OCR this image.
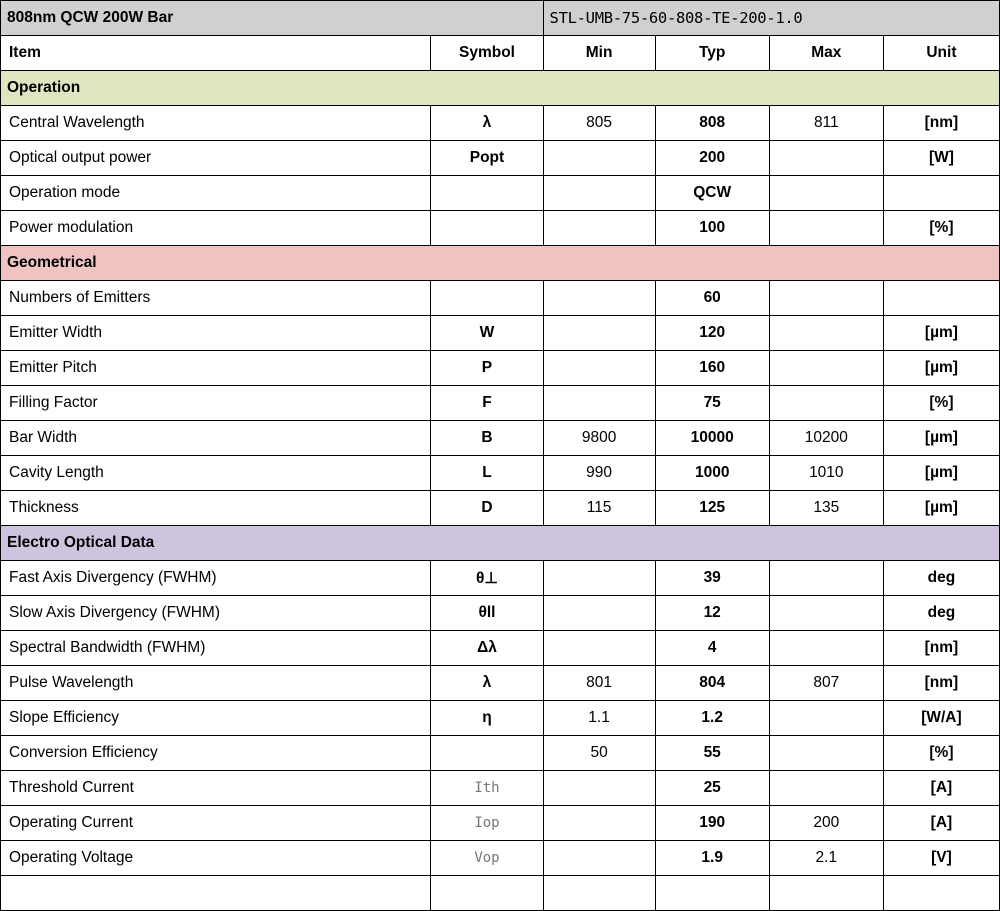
808nm QCW 200W Bar		STL-UMB-75-60-808-TE-200-1.0			
Item	Symbol	Min	Typ	Max	Unit
Operation					
Central Wavelength	λ	805	808	811	[nm]
Optical output power	Popt		200		[W]
Operation mode			QCW		
Power modulation			100		[%]
Geometrical					
Numbers of Emitters			60		
Emitter Width	W		120		[µm]
Emitter Pitch	P		160		[µm]
Filling Factor	F		75		[%]
Bar Width	B	9800	10000	10200	[µm]
Cavity Length	L	990	1000	1010	[µm]
Thickness	D	115	125	135	[µm]
Electro Optical Data					
Fast Axis Divergency (FWHM)	θ⊥		39		deg
Slow Axis Divergency (FWHM)	θll		12		deg
Spectral Bandwidth (FWHM)	Δλ		4		[nm]
Pulse Wavelength	λ	801	804	807	[nm]
Slope Efficiency	η	1.1	1.2		[W/A]
Conversion Efficiency		50	55		[%]
Threshold Current	Ith		25		[A]
Operating Current	Iop		190	200	[A]
Operating Voltage	Vop		1.9	2.1	[V]
